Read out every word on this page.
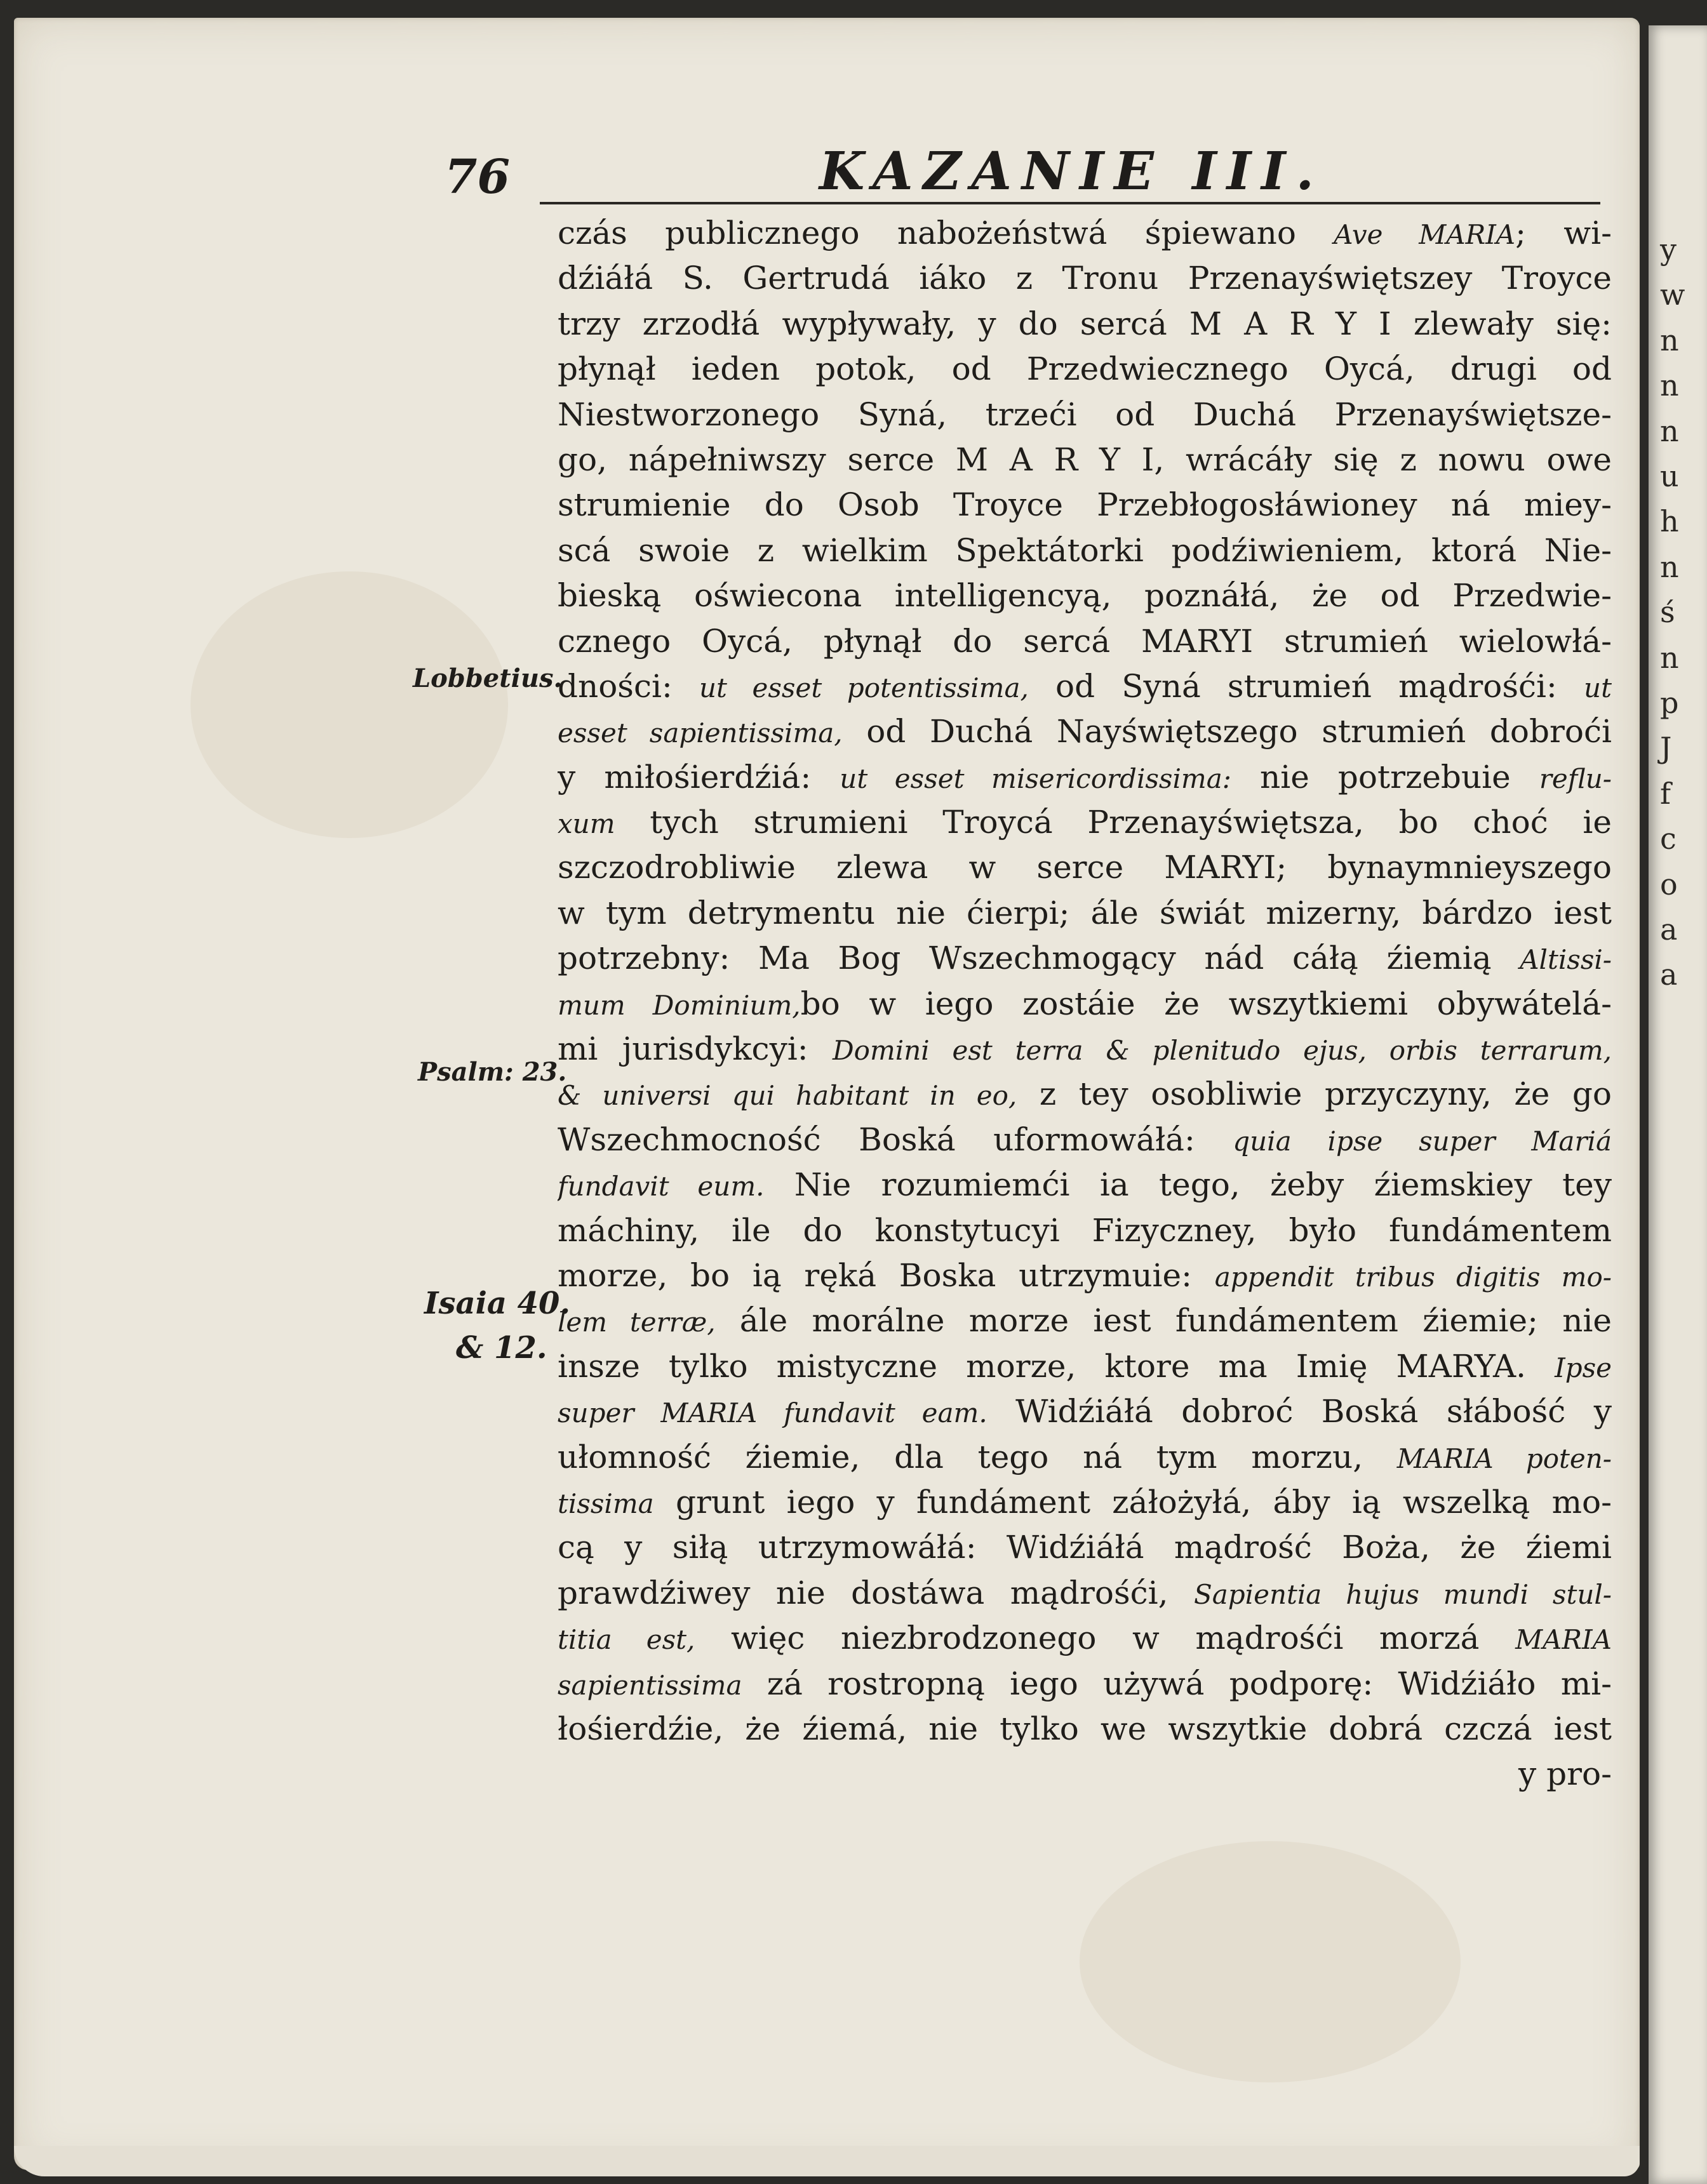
y
w
n
n
n
u
h
n
ś
n
p
J
f
c
o
a
a
76	KAZANIE III.
Lobbetius.
Psalm: 23.
Isaia 40.
& 12.
czás publicznego nabożeństwá śpiewano Ave MARIA; wi-
dźiáłá S. Gertrudá iáko z Tronu Przenayświętszey Troyce
trzy zrzodłá wypływały, y do sercá M A R Y I zlewały się:
płynął ieden potok, od Przedwiecznego Oycá, drugi od
Niestworzonego Syná, trzeći od Duchá Przenayświętsze-
go, nápełniwszy serce M A R Y I, wrácáły się z nowu owe
strumienie do Osob Troyce Przebłogosłáwioney ná miey-
scá swoie z wielkim Spektátorki podźiwieniem, ktorá Nie-
bieską oświecona intelligencyą, poznáłá, że od Przedwie-
cznego Oycá, płynął do sercá MARYI strumień wielowłá-
dności: ut esset potentissima, od Syná strumień mądrośći: ut
esset sapientissima, od Duchá Nayświętszego strumień dobroći
y miłośierdźiá: ut esset misericordissima: nie potrzebuie reflu-
xum tych strumieni Troycá Przenayświętsza, bo choć ie
szczodrobliwie zlewa w serce MARYI; bynaymnieyszego
w tym detrymentu nie ćierpi; ále świát mizerny, bárdzo iest
potrzebny: Ma Bog Wszechmogący nád cáłą źiemią Altissi-
mum Dominium,bo w iego zostáie że wszytkiemi obywátelá-
mi jurisdykcyi: Domini est terra & plenitudo ejus, orbis terrarum,
& universi qui habitant in eo, z tey osobliwie przyczyny, że go
Wszechmocność Boská uformowáłá: quia ipse super Mariá
fundavit eum. Nie rozumiemći ia tego, żeby źiemskiey tey
máchiny, ile do konstytucyi Fizyczney, było fundámentem
morze, bo ią ręká Boska utrzymuie: appendit tribus digitis mo-
lem terræ, ále morálne morze iest fundámentem źiemie; nie
insze tylko mistyczne morze, ktore ma Imię MARYA. Ipse
super MARIA fundavit eam. Widźiáłá dobroć Boská słábość y
ułomność źiemie, dla tego ná tym morzu, MARIA poten-
tissima grunt iego y fundáment záłożyłá, áby ią wszelką mo-
cą y siłą utrzymowáłá: Widźiáłá mądrość Boża, że źiemi
prawdźiwey nie dostáwa mądrośći, Sapientia hujus mundi stul-
titia est, więc niezbrodzonego w mądrośći morzá MARIA
sapientissima zá rostropną iego używá podporę: Widźiáło mi-
łośierdźie, że źiemá, nie tylko we wszytkie dobrá czczá iest
y pro-
